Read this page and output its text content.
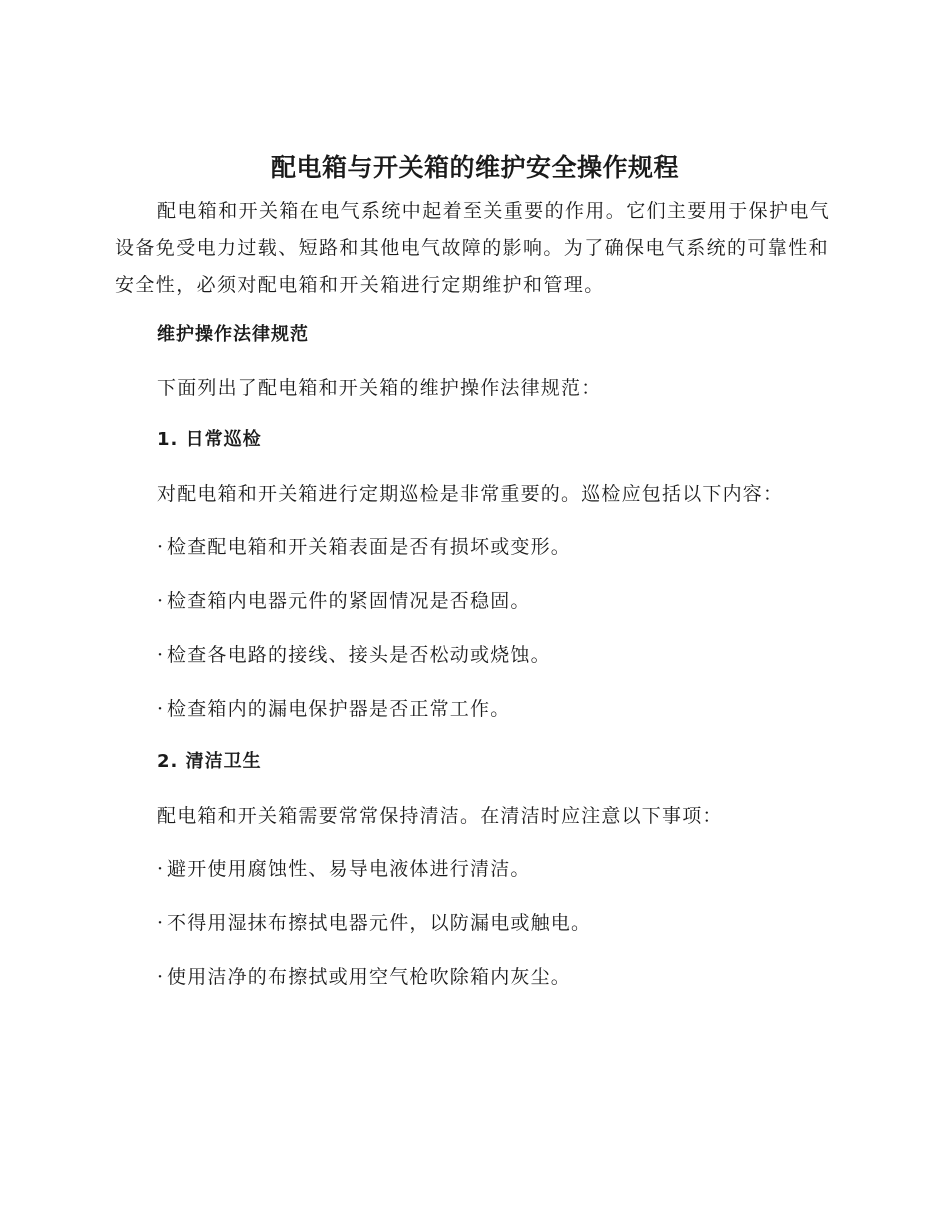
配电箱与开关箱的维护安全操作规程

配电箱和开关箱在电气系统中起着至关重要的作用。它们主要用于保护电气设备免受电力过载、短路和其他电气故障的影响。为了确保电气系统的可靠性和安全性，必须对配电箱和开关箱进行定期维护和管理。

维护操作法律规范

下面列出了配电箱和开关箱的维护操作法律规范：

1. 日常巡检

对配电箱和开关箱进行定期巡检是非常重要的。巡检应包括以下内容：

· 检查配电箱和开关箱表面是否有损坏或变形。

· 检查箱内电器元件的紧固情况是否稳固。

· 检查各电路的接线、接头是否松动或烧蚀。

· 检查箱内的漏电保护器是否正常工作。

2. 清洁卫生

配电箱和开关箱需要常常保持清洁。在清洁时应注意以下事项：

· 避开使用腐蚀性、易导电液体进行清洁。

· 不得用湿抹布擦拭电器元件，以防漏电或触电。

· 使用洁净的布擦拭或用空气枪吹除箱内灰尘。
